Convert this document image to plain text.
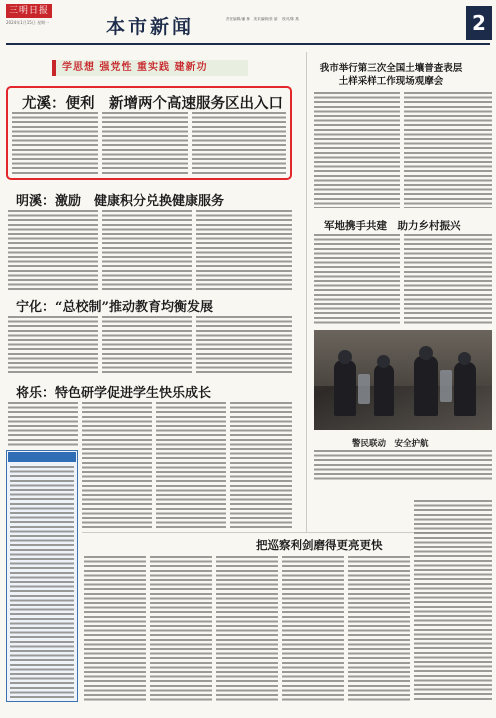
三明日报
2024年1月15日 星期一	本市新闻	责任编辑/潘 林　美术编辑/张 丽 　校对/陈 燕	2
学思想 强党性 重实践 建新功
尤溪：便利　新增两个高速服务区出入口
明溪：激励　健康积分兑换健康服务
宁化：“总校制”推动教育均衡发展
将乐：特色研学促进学生快乐成长
我市举行第三次全国土壤普查表层土样采样工作现场观摩会
军地携手共建　助力乡村振兴
警民联动　安全护航
把巡察利剑磨得更亮更快
